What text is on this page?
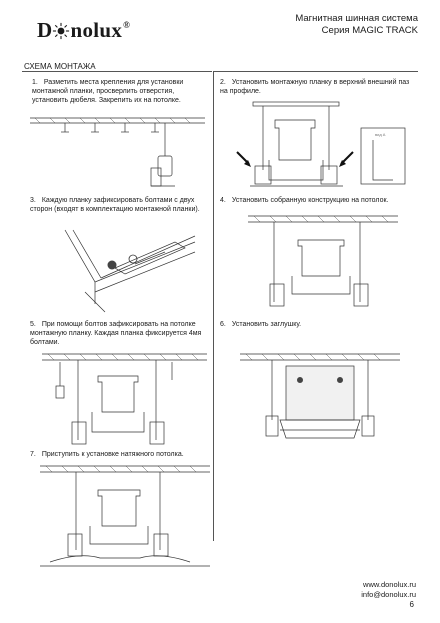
D nolux®
Магнитная шинная система
Серия MAGIC TRACK
СХЕМА МОНТАЖА
1. Разметить места крепления для установки монтажной планки, просверлить отверстия, установить дюбеля. Закрепить их на потолке.
2. Установить монтажную планку в верхний внешний паз на профиле.
3. Каждую планку зафиксировать болтами с двух сторон (входят в комплектацию монтажной планки).
4. Установить собранную конструкцию на потолок.
5. При помощи болтов зафиксировать на потолке монтажную планку. Каждая планка фиксируется 4мя болтами.
6. Установить заглушку.
7. Приступить к установке натяжного потолка.
вид А
www.donolux.ru
info@donolux.ru
6
